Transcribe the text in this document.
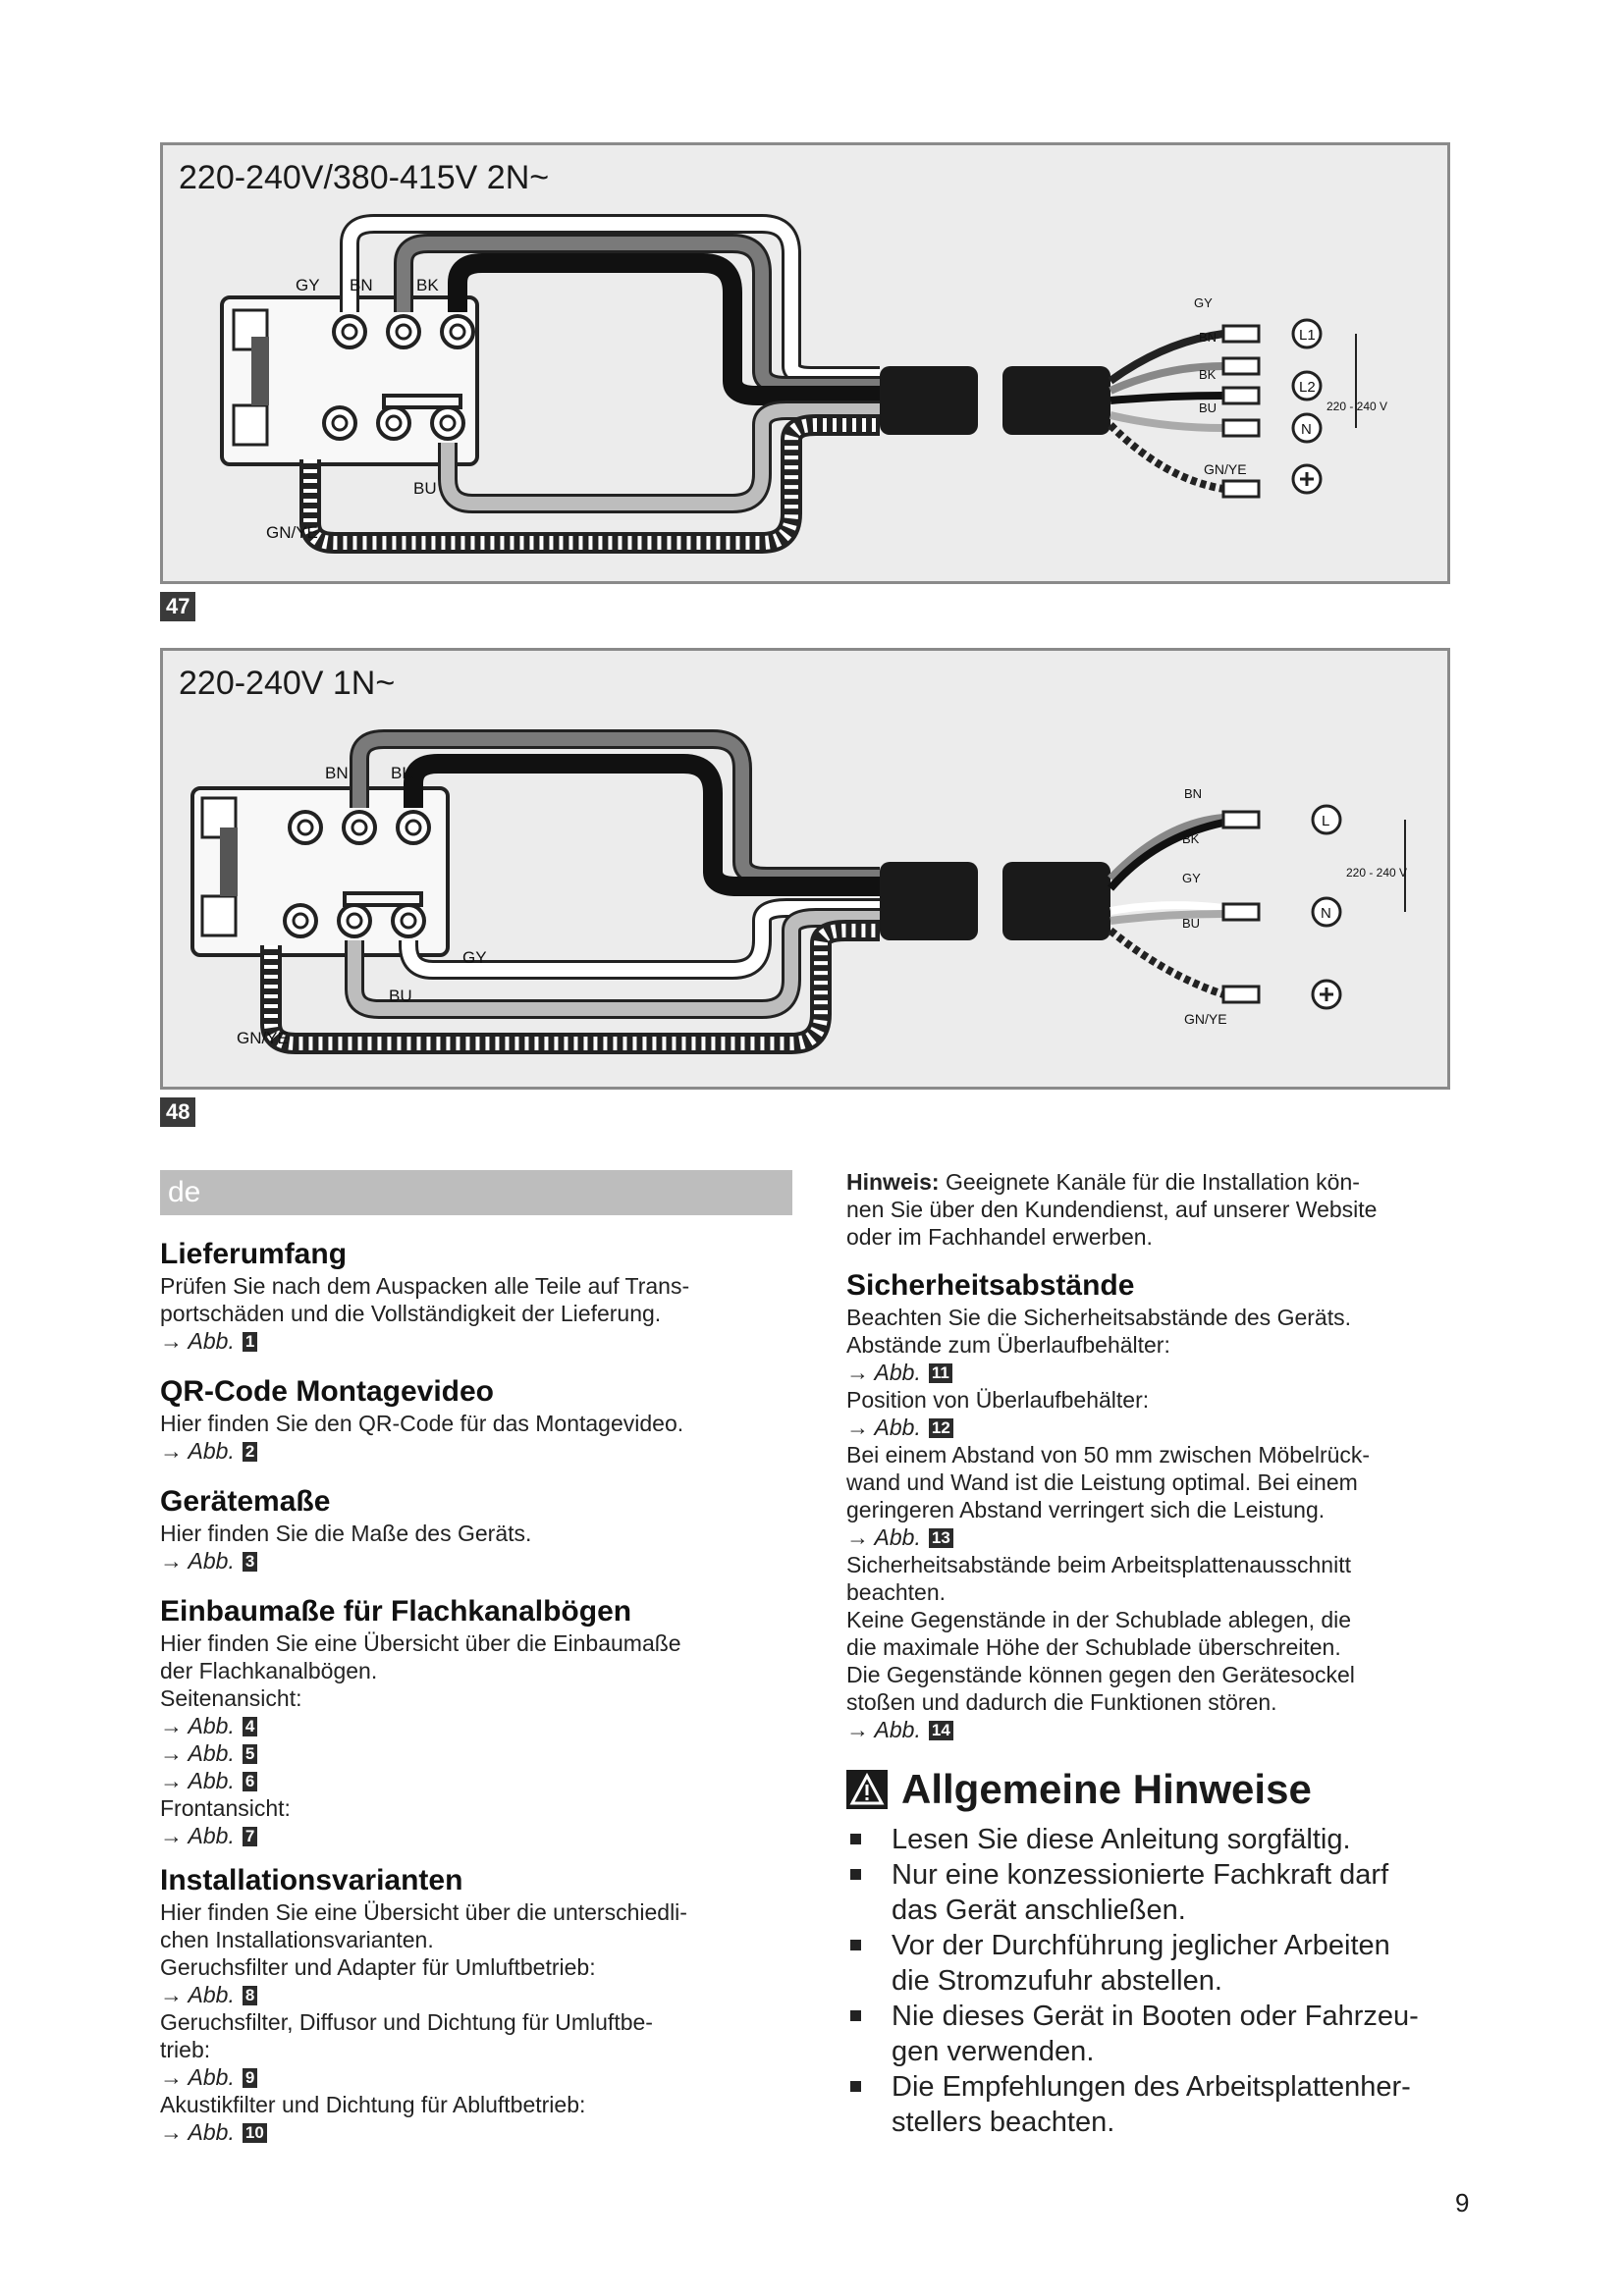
220-240V/380-415V 2N~
GY BN	BK
BU
GN/YE
GY
BN
BK
BU
GN/YE
L1
L2
N
220 - 240 V
47
220-240V 1N~
BN	BK
GY
BU
GN/YE
BN
BK
GY
BU
GN/YE
L
N
220 - 240 V
48
de

Lieferumfang

Prüfen Sie nach dem Auspacken alle Teile auf Trans-

portschäden und die Vollständigkeit der Lieferung.

→ Abb. 1

QR-Code Montagevideo

Hier finden Sie den QR-Code für das Montagevideo.

→ Abb. 2

Gerätemaße

Hier finden Sie die Maße des Geräts.

→ Abb. 3

Einbaumaße für Flachkanalbögen

Hier finden Sie eine Übersicht über die Einbaumaße

der Flachkanalbögen.

Seitenansicht:

→ Abb. 4

→ Abb. 5

→ Abb. 6

Frontansicht:

→ Abb. 7

Installationsvarianten

Hier finden Sie eine Übersicht über die unterschiedli-

chen Installationsvarianten.

Geruchsfilter und Adapter für Umluftbetrieb:

→ Abb. 8

Geruchsfilter, Diffusor und Dichtung für Umluftbe-

trieb:

→ Abb. 9

Akustikfilter und Dichtung für Abluftbetrieb:

→ Abb. 10

Hinweis: Geeignete Kanäle für die Installation kön-

nen Sie über den Kundendienst, auf unserer Website

oder im Fachhandel erwerben.

Sicherheitsabstände

Beachten Sie die Sicherheitsabstände des Geräts.

Abstände zum Überlaufbehälter:

→ Abb. 11

Position von Überlaufbehälter:

→ Abb. 12

Bei einem Abstand von 50 mm zwischen Möbelrück-

wand und Wand ist die Leistung optimal. Bei einem

geringeren Abstand verringert sich die Leistung.

→ Abb. 13

Sicherheitsabstände beim Arbeitsplattenausschnitt

beachten.

Keine Gegenstände in der Schublade ablegen, die

die maximale Höhe der Schublade überschreiten.

Die Gegenstände können gegen den Gerätesockel

stoßen und dadurch die Funktionen stören.

→ Abb. 14

Allgemeine Hinweise
Lesen Sie diese Anleitung sorgfältig.
Nur eine konzessionierte Fachkraft darf
das Gerät anschließen.
Vor der Durchführung jeglicher Arbeiten
die Stromzufuhr abstellen.
Nie dieses Gerät in Booten oder Fahrzeu-
gen verwenden.
Die Empfehlungen des Arbeitsplattenher-
stellers beachten.
9
